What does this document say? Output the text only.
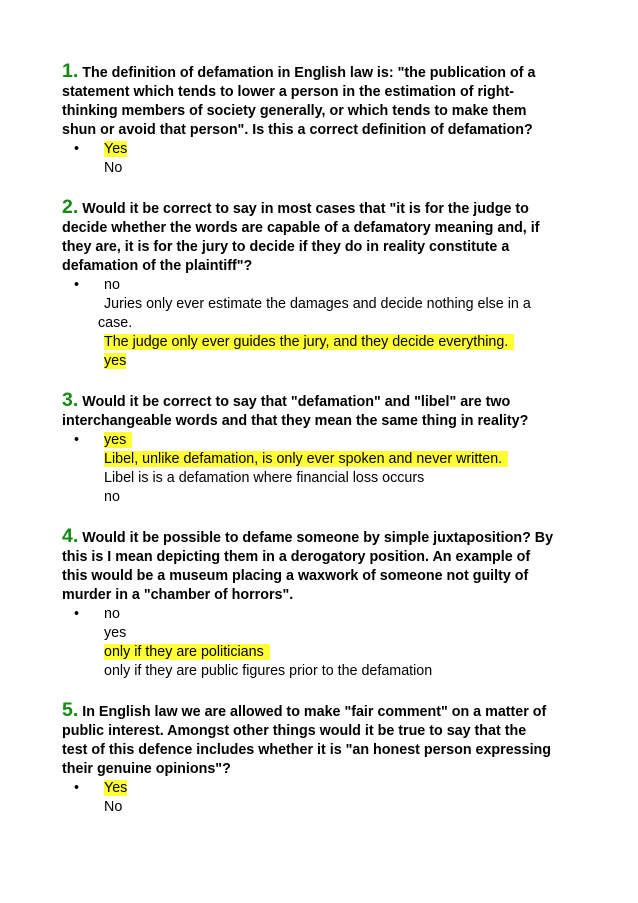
1. The definition of defamation in English law is: "the publication of a
statement which tends to lower a person in the estimation of right-
thinking members of society generally, or which tends to make them
shun or avoid that person". Is this a correct definition of defamation?

• Yes
No

2. Would it be correct to say in most cases that "it is for the judge to
decide whether the words are capable of a defamatory meaning and, if
they are, it is for the jury to decide if they do in reality constitute a
defamation of the plaintiff"?

• no
Juries only ever estimate the damages and decide nothing else in a
case.
The judge only ever guides the jury, and they decide everything.
yes

3. Would it be correct to say that "defamation" and "libel" are two
interchangeable words and that they mean the same thing in reality?

• yes
Libel, unlike defamation, is only ever spoken and never written.
Libel is is a defamation where financial loss occurs
no

4. Would it be possible to defame someone by simple juxtaposition? By
this is I mean depicting them in a derogatory position. An example of
this would be a museum placing a waxwork of someone not guilty of
murder in a "chamber of horrors".

• no
yes
only if they are politicians
only if they are public figures prior to the defamation

5. In English law we are allowed to make "fair comment" on a matter of
public interest. Amongst other things would it be true to say that the
test of this defence includes whether it is "an honest person expressing
their genuine opinions"?

• Yes
No
